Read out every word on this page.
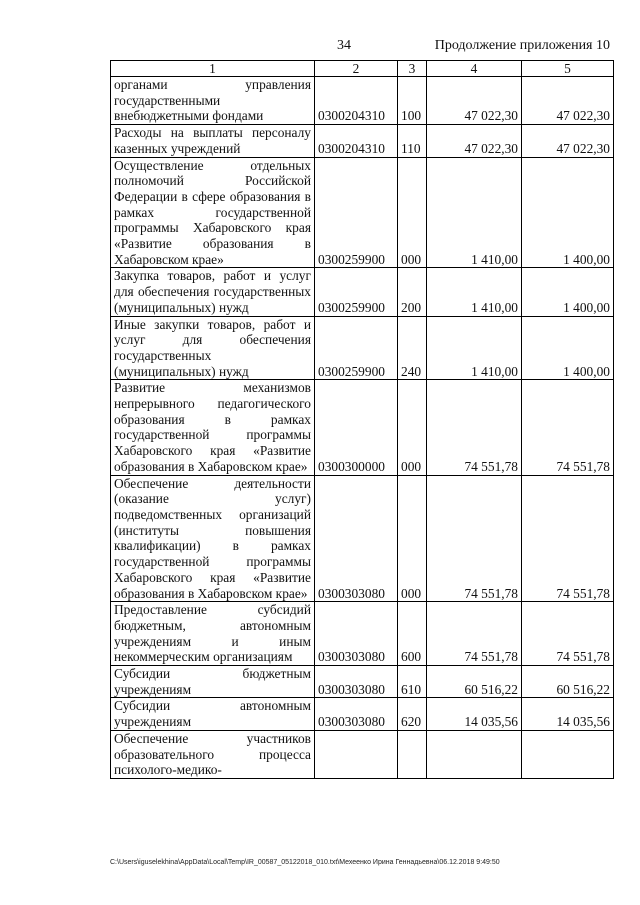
34	Продолжение приложения 10
1	2	3	4	5
органами управления государственными внебюджетными фондами	0300204310	100	47 022,30	47 022,30
Расходы на выплаты персоналу казенных учреждений	0300204310	110	47 022,30	47 022,30
Осуществление отдельных полномочий Российской Федерации в сфере образования в рамках государственной программы Хабаровского края «Развитие образования в Хабаровском крае»	0300259900	000	1 410,00	1 400,00
Закупка товаров, работ и услуг для обеспечения государственных (муниципальных) нужд	0300259900	200	1 410,00	1 400,00
Иные закупки товаров, работ и услуг для обеспечения государственных (муниципальных) нужд	0300259900	240	1 410,00	1 400,00
Развитие механизмов непрерывного педагогического образования в рамках государственной программы Хабаровского края «Развитие образования в Хабаровском крае»	0300300000	000	74 551,78	74 551,78
Обеспечение деятельности (оказание услуг) подведомственных организаций (институты повышения квалификации) в рамках государственной программы Хабаровского края «Развитие образования в Хабаровском крае»	0300303080	000	74 551,78	74 551,78
Предоставление субсидий бюджетным, автономным учреждениям и иным некоммерческим организациям	0300303080	600	74 551,78	74 551,78
Субсидии бюджетным учреждениям	0300303080	610	60 516,22	60 516,22
Субсидии автономным учреждениям	0300303080	620	14 035,56	14 035,56
Обеспечение участников образовательного процесса психолого-медико-				
C:\Users\iguselekhina\AppData\Local\Temp\IR_00587_05122018_010.txt\Мехеенко Ирина Геннадьевна\06.12.2018 9:49:50
